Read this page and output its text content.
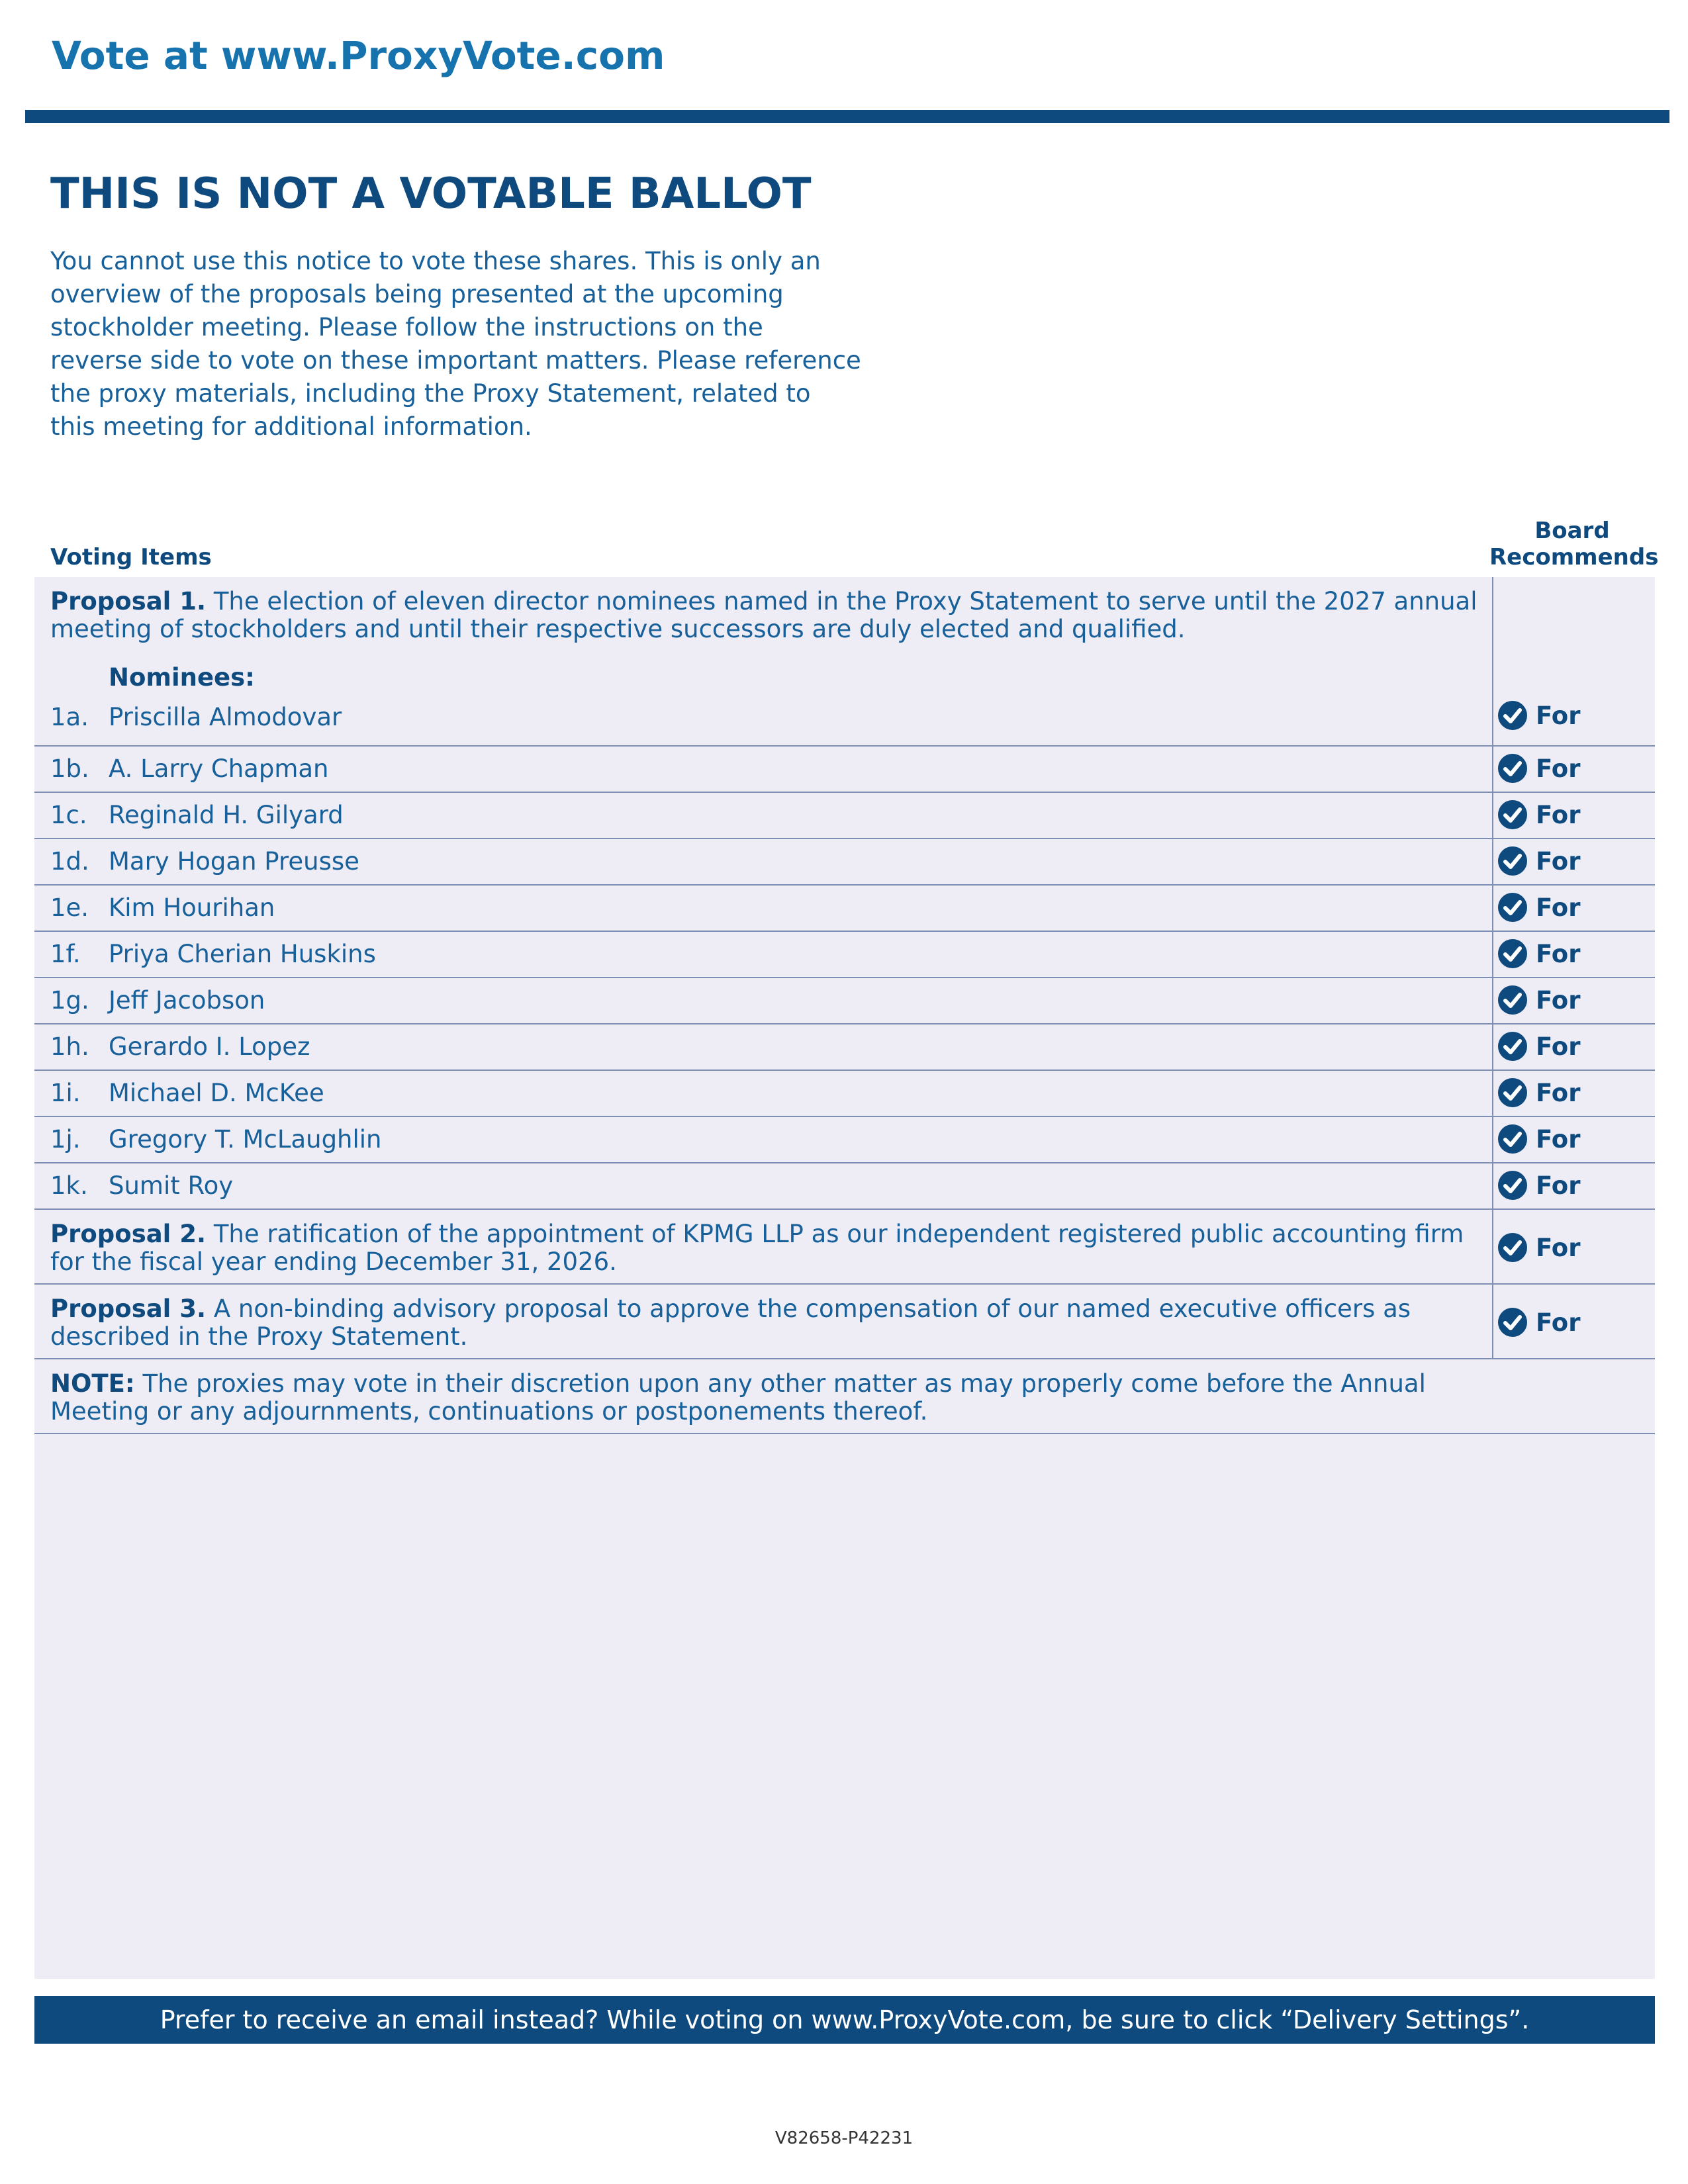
Vote at www.ProxyVote.com
THIS IS NOT A VOTABLE BALLOT
You cannot use this notice to vote these shares. This is only an
overview of the proposals being presented at the upcoming
stockholder meeting. Please follow the instructions on the
reverse side to vote on these important matters. Please reference
the proxy materials, including the Proxy Statement, related to
this meeting for additional information.
Voting Items
Board
Recommends
Proposal 1. The election of eleven director nominees named in the Proxy Statement to serve until the 2027 annual meeting of stockholders and until their respective successors are duly elected and qualified.
Nominees:
1a. Priscilla Almodovar	For
1b. A. Larry Chapman	For
1c. Reginald H. Gilyard	For
1d. Mary Hogan Preusse	For
1e. Kim Hourihan	For
1f. Priya Cherian Huskins	For
1g. Jeff Jacobson	For
1h. Gerardo I. Lopez	For
1i. Michael D. McKee	For
1j. Gregory T. McLaughlin	For
1k. Sumit Roy	For
Proposal 2. The ratification of the appointment of KPMG LLP as our independent registered public accounting firm for the fiscal year ending December 31, 2026.	For
Proposal 3. A non-binding advisory proposal to approve the compensation of our named executive officers as described in the Proxy Statement.	For
NOTE: The proxies may vote in their discretion upon any other matter as may properly come before the Annual Meeting or any adjournments, continuations or postponements thereof.
Prefer to receive an email instead? While voting on www.ProxyVote.com, be sure to click “Delivery Settings”.
V82658-P42231
